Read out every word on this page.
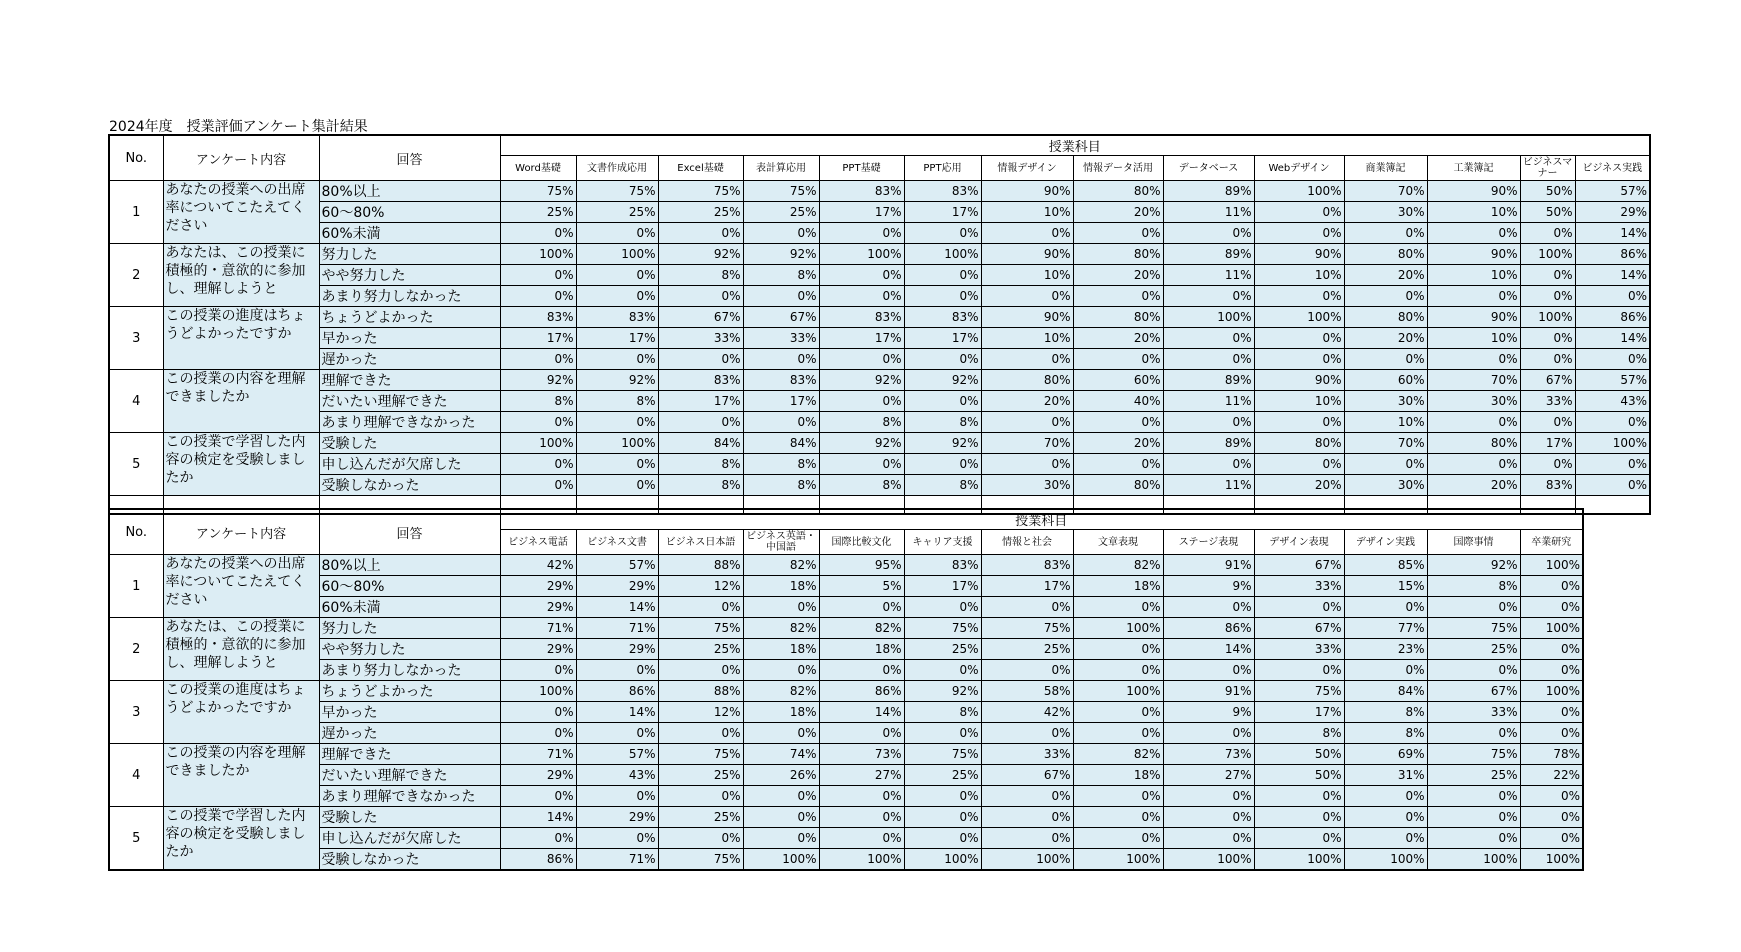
2024年度　授業評価アンケート集計結果
No.	アンケート内容	回答	授業科目													
			Word基礎	文書作成応用	Excel基礎	表計算応用	PPT基礎	PPT応用	情報デザイン	情報データ活用	データベース	Webデザイン	商業簿記	工業簿記	ビジネスマナー	ビジネス実践
1	あなたの授業への出席率についてこたえてください	80%以上	75%	75%	75%	75%	83%	83%	90%	80%	89%	100%	70%	90%	50%	57%
		60～80%	25%	25%	25%	25%	17%	17%	10%	20%	11%	0%	30%	10%	50%	29%
		60%未満	0%	0%	0%	0%	0%	0%	0%	0%	0%	0%	0%	0%	0%	14%
2	あなたは、この授業に積極的・意欲的に参加し、理解しようと	努力した	100%	100%	92%	92%	100%	100%	90%	80%	89%	90%	80%	90%	100%	86%
		やや努力した	0%	0%	8%	8%	0%	0%	10%	20%	11%	10%	20%	10%	0%	14%
		あまり努力しなかった	0%	0%	0%	0%	0%	0%	0%	0%	0%	0%	0%	0%	0%	0%
3	この授業の進度はちょうどよかったですか	ちょうどよかった	83%	83%	67%	67%	83%	83%	90%	80%	100%	100%	80%	90%	100%	86%
		早かった	17%	17%	33%	33%	17%	17%	10%	20%	0%	0%	20%	10%	0%	14%
		遅かった	0%	0%	0%	0%	0%	0%	0%	0%	0%	0%	0%	0%	0%	0%
4	この授業の内容を理解できましたか	理解できた	92%	92%	83%	83%	92%	92%	80%	60%	89%	90%	60%	70%	67%	57%
		だいたい理解できた	8%	8%	17%	17%	0%	0%	20%	40%	11%	10%	30%	30%	33%	43%
		あまり理解できなかった	0%	0%	0%	0%	8%	8%	0%	0%	0%	0%	10%	0%	0%	0%
5	この授業で学習した内容の検定を受験しましたか	受験した	100%	100%	84%	84%	92%	92%	70%	20%	89%	80%	70%	80%	17%	100%
		申し込んだが欠席した	0%	0%	8%	8%	0%	0%	0%	0%	0%	0%	0%	0%	0%	0%
		受験しなかった	0%	0%	8%	8%	8%	8%	30%	80%	11%	20%	30%	20%	83%	0%

No.	アンケート内容	回答	授業科目												
			ビジネス電話	ビジネス文書	ビジネス日本語	ビジネス英語・中国語	国際比較文化	キャリア支援	情報と社会	文章表現	ステージ表現	デザイン表現	デザイン実践	国際事情	卒業研究
1	あなたの授業への出席率についてこたえてください	80%以上	42%	57%	88%	82%	95%	83%	83%	82%	91%	67%	85%	92%	100%
		60～80%	29%	29%	12%	18%	5%	17%	17%	18%	9%	33%	15%	8%	0%
		60%未満	29%	14%	0%	0%	0%	0%	0%	0%	0%	0%	0%	0%	0%
2	あなたは、この授業に積極的・意欲的に参加し、理解しようと	努力した	71%	71%	75%	82%	82%	75%	75%	100%	86%	67%	77%	75%	100%
		やや努力した	29%	29%	25%	18%	18%	25%	25%	0%	14%	33%	23%	25%	0%
		あまり努力しなかった	0%	0%	0%	0%	0%	0%	0%	0%	0%	0%	0%	0%	0%
3	この授業の進度はちょうどよかったですか	ちょうどよかった	100%	86%	88%	82%	86%	92%	58%	100%	91%	75%	84%	67%	100%
		早かった	0%	14%	12%	18%	14%	8%	42%	0%	9%	17%	8%	33%	0%
		遅かった	0%	0%	0%	0%	0%	0%	0%	0%	0%	8%	8%	0%	0%
4	この授業の内容を理解できましたか	理解できた	71%	57%	75%	74%	73%	75%	33%	82%	73%	50%	69%	75%	78%
		だいたい理解できた	29%	43%	25%	26%	27%	25%	67%	18%	27%	50%	31%	25%	22%
		あまり理解できなかった	0%	0%	0%	0%	0%	0%	0%	0%	0%	0%	0%	0%	0%
5	この授業で学習した内容の検定を受験しましたか	受験した	14%	29%	25%	0%	0%	0%	0%	0%	0%	0%	0%	0%	0%
		申し込んだが欠席した	0%	0%	0%	0%	0%	0%	0%	0%	0%	0%	0%	0%	0%
		受験しなかった	86%	71%	75%	100%	100%	100%	100%	100%	100%	100%	100%	100%	100%
